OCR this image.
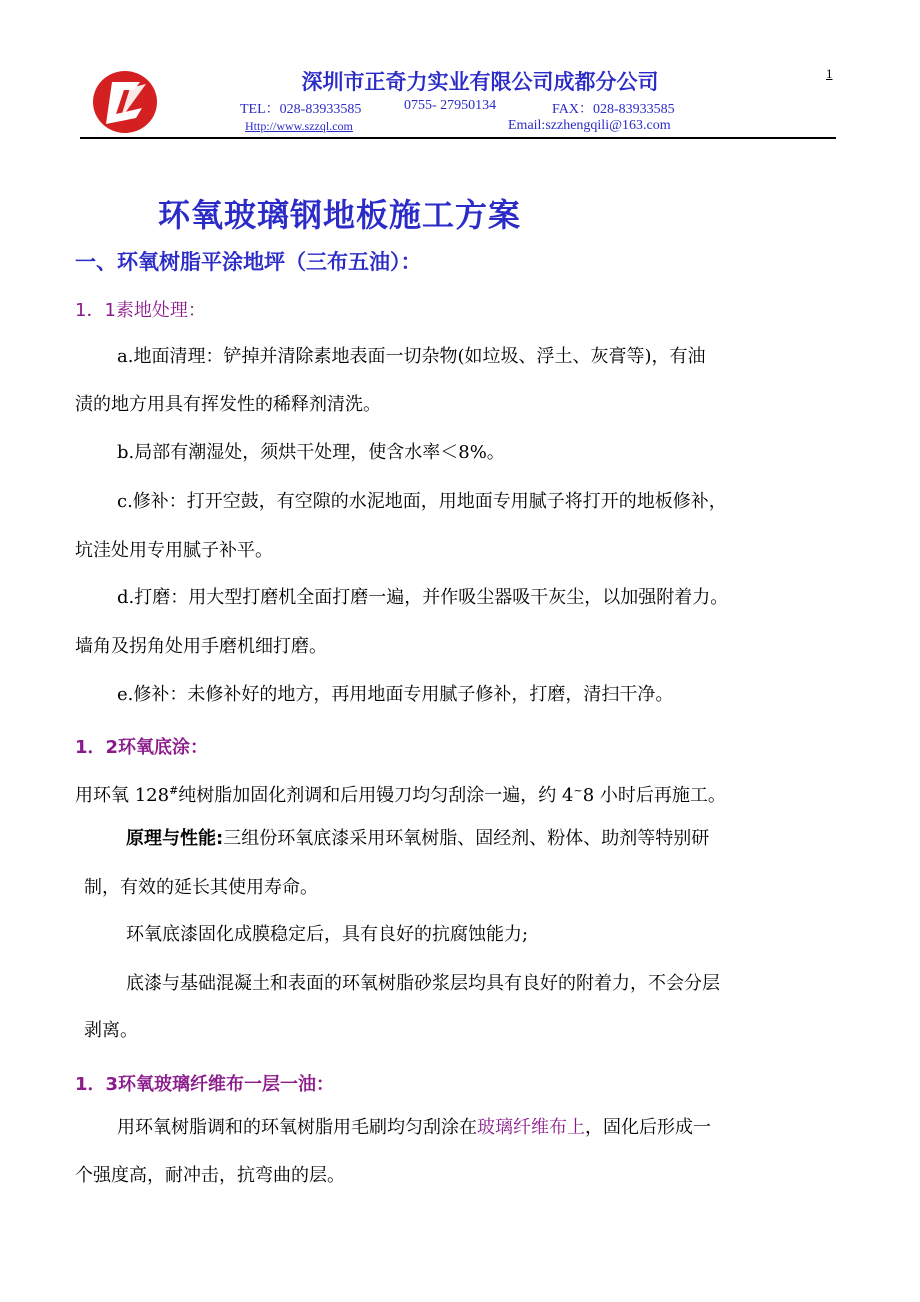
深圳市正奇力实业有限公司成都分公司
TEL：028-83933585	0755- 27950134	FAX：028-83933585
Http://www.szzql.com	Email:szzhengqili@163.com
1
环氧玻璃钢地板施工方案
一、环氧树脂平涂地坪（三布五油）：
1．1素地处理：
a.地面清理：铲掉并清除素地表面一切杂物(如垃圾、浮土、灰膏等)，有油
渍的地方用具有挥发性的稀释剂清洗。
b.局部有潮湿处，须烘干处理，使含水率＜8%。
c.修补：打开空鼓，有空隙的水泥地面，用地面专用腻子将打开的地板修补，
坑洼处用专用腻子补平。
d.打磨：用大型打磨机全面打磨一遍，并作吸尘器吸干灰尘，以加强附着力。
墙角及拐角处用手磨机细打磨。
e.修补：未修补好的地方，再用地面专用腻子修补，打磨，清扫干净。
1．2环氧底涂：
用环氧 128#纯树脂加固化剂调和后用镘刀均匀刮涂一遍，约 4~8 小时后再施工。
原理与性能:三组份环氧底漆采用环氧树脂、固经剂、粉体、助剂等特别研
制，有效的延长其使用寿命。
环氧底漆固化成膜稳定后，具有良好的抗腐蚀能力;
底漆与基础混凝土和表面的环氧树脂砂浆层均具有良好的附着力，不会分层
剥离。
1．3环氧玻璃纤维布一层一油：
用环氧树脂调和的环氧树脂用毛刷均匀刮涂在玻璃纤维布上，固化后形成一
个强度高，耐冲击，抗弯曲的层。
